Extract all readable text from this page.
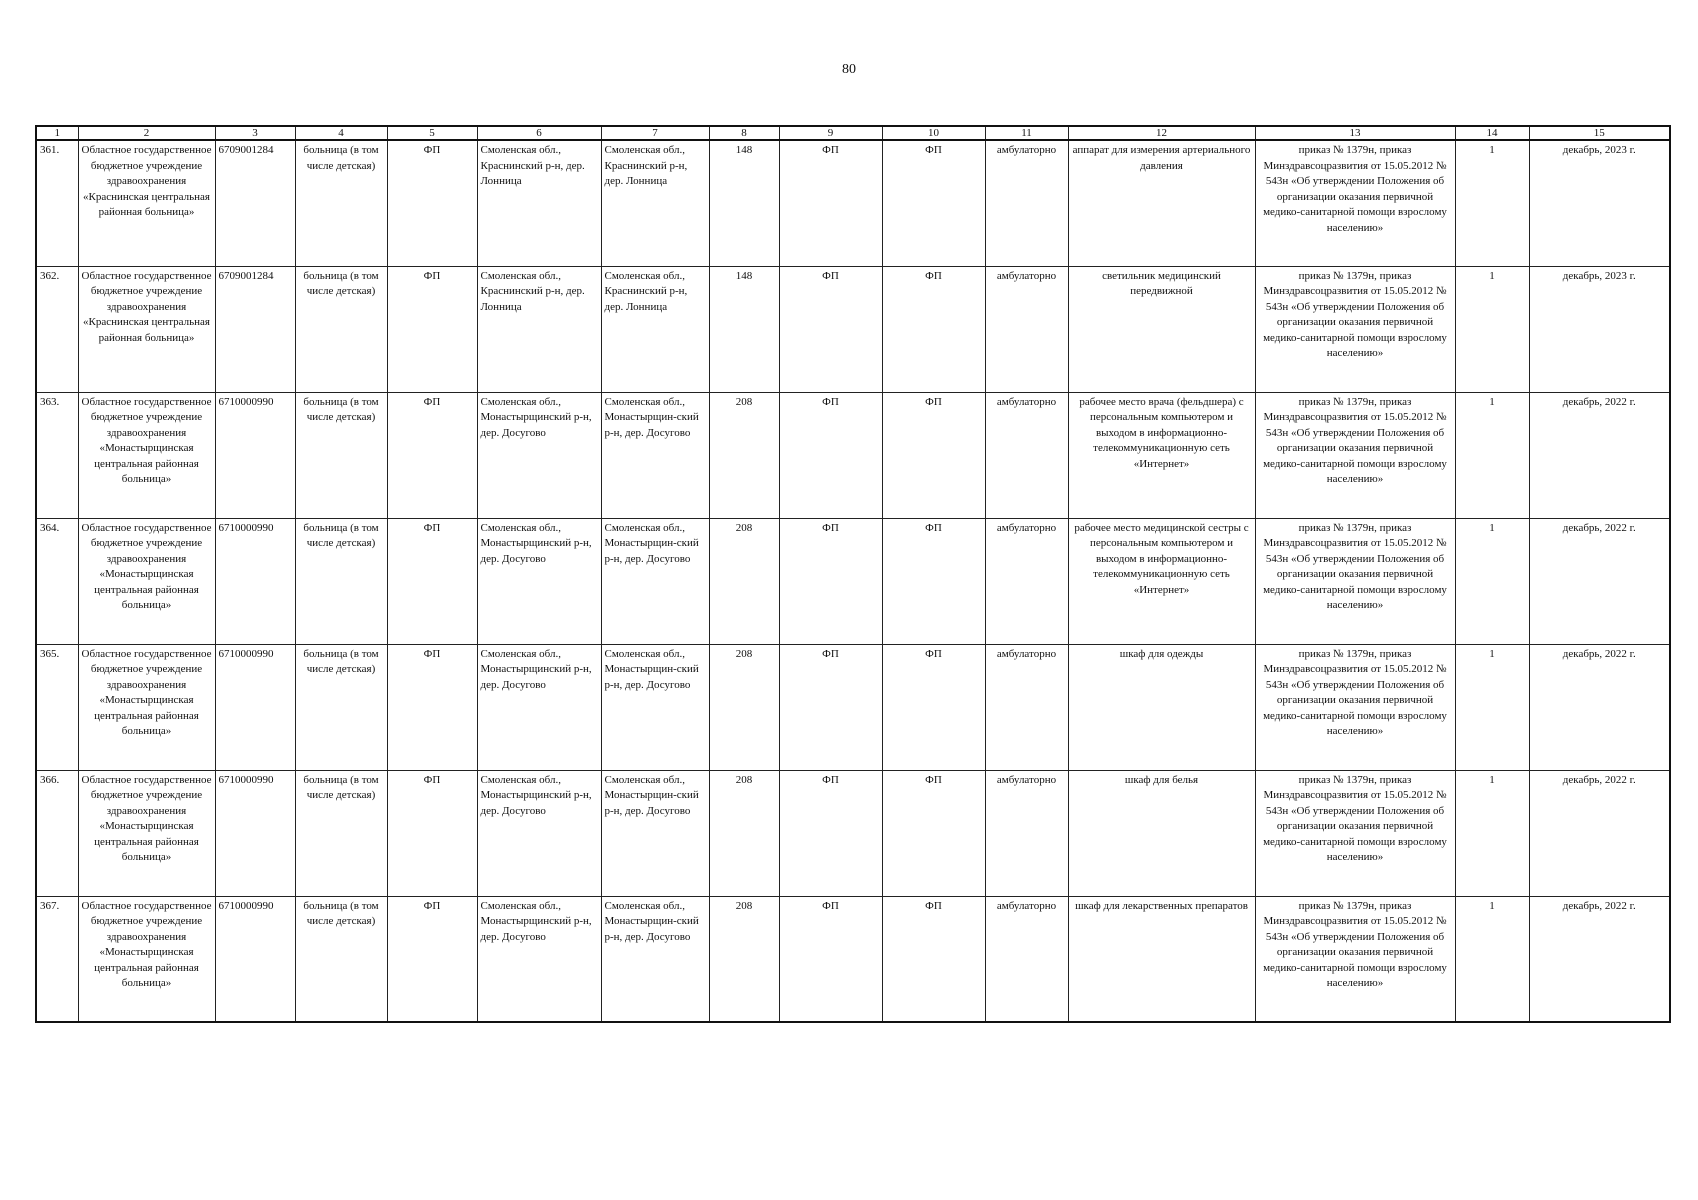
80
1	2	3	4	5	6	7	8	9	10	11	12	13	14	15
361.	Областное государственное бюджетное учреждение здравоохранения «Краснинская центральная районная больница»	6709001284	больница (в том числе детская)	ФП	Смоленская обл., Краснинский р-н, дер. Лонница	Смоленская обл., Краснинский р-н, дер. Лонница	148	ФП	ФП	амбулаторно	аппарат для измерения артериального давления	приказ № 1379н, приказ Минздравсоцразвития от 15.05.2012 № 543н «Об утверждении Положения об организации оказания первичной медико-санитарной помощи взрослому населению»	1	декабрь, 2023 г.
362.	Областное государственное бюджетное учреждение здравоохранения «Краснинская центральная районная больница»	6709001284	больница (в том числе детская)	ФП	Смоленская обл., Краснинский р-н, дер. Лонница	Смоленская обл., Краснинский р-н, дер. Лонница	148	ФП	ФП	амбулаторно	светильник медицинский передвижной	приказ № 1379н, приказ Минздравсоцразвития от 15.05.2012 № 543н «Об утверждении Положения об организации оказания первичной медико-санитарной помощи взрослому населению»	1	декабрь, 2023 г.
363.	Областное государственное бюджетное учреждение здравоохранения «Монастырщинская центральная районная больница»	6710000990	больница (в том числе детская)	ФП	Смоленская обл., Монастырщинский р-н, дер. Досугово	Смоленская обл., Монастырщин-ский р-н, дер. Досугово	208	ФП	ФП	амбулаторно	рабочее место врача (фельдшера) с персональным компьютером и выходом в информационно-телекоммуникационную сеть «Интернет»	приказ № 1379н, приказ Минздравсоцразвития от 15.05.2012 № 543н «Об утверждении Положения об организации оказания первичной медико-санитарной помощи взрослому населению»	1	декабрь, 2022 г.
364.	Областное государственное бюджетное учреждение здравоохранения «Монастырщинская центральная районная больница»	6710000990	больница (в том числе детская)	ФП	Смоленская обл., Монастырщинский р-н, дер. Досугово	Смоленская обл., Монастырщин-ский р-н, дер. Досугово	208	ФП	ФП	амбулаторно	рабочее место медицинской сестры с персональным компьютером и выходом в информационно-телекоммуникационную сеть «Интернет»	приказ № 1379н, приказ Минздравсоцразвития от 15.05.2012 № 543н «Об утверждении Положения об организации оказания первичной медико-санитарной помощи взрослому населению»	1	декабрь, 2022 г.
365.	Областное государственное бюджетное учреждение здравоохранения «Монастырщинская центральная районная больница»	6710000990	больница (в том числе детская)	ФП	Смоленская обл., Монастырщинский р-н, дер. Досугово	Смоленская обл., Монастырщин-ский р-н, дер. Досугово	208	ФП	ФП	амбулаторно	шкаф для одежды	приказ № 1379н, приказ Минздравсоцразвития от 15.05.2012 № 543н «Об утверждении Положения об организации оказания первичной медико-санитарной помощи взрослому населению»	1	декабрь, 2022 г.
366.	Областное государственное бюджетное учреждение здравоохранения «Монастырщинская центральная районная больница»	6710000990	больница (в том числе детская)	ФП	Смоленская обл., Монастырщинский р-н, дер. Досугово	Смоленская обл., Монастырщин-ский р-н, дер. Досугово	208	ФП	ФП	амбулаторно	шкаф для белья	приказ № 1379н, приказ Минздравсоцразвития от 15.05.2012 № 543н «Об утверждении Положения об организации оказания первичной медико-санитарной помощи взрослому населению»	1	декабрь, 2022 г.
367.	Областное государственное бюджетное учреждение здравоохранения «Монастырщинская центральная районная больница»	6710000990	больница (в том числе детская)	ФП	Смоленская обл., Монастырщинский р-н, дер. Досугово	Смоленская обл., Монастырщин-ский р-н, дер. Досугово	208	ФП	ФП	амбулаторно	шкаф для лекарственных препаратов	приказ № 1379н, приказ Минздравсоцразвития от 15.05.2012 № 543н «Об утверждении Положения об организации оказания первичной медико-санитарной помощи взрослому населению»	1	декабрь, 2022 г.
